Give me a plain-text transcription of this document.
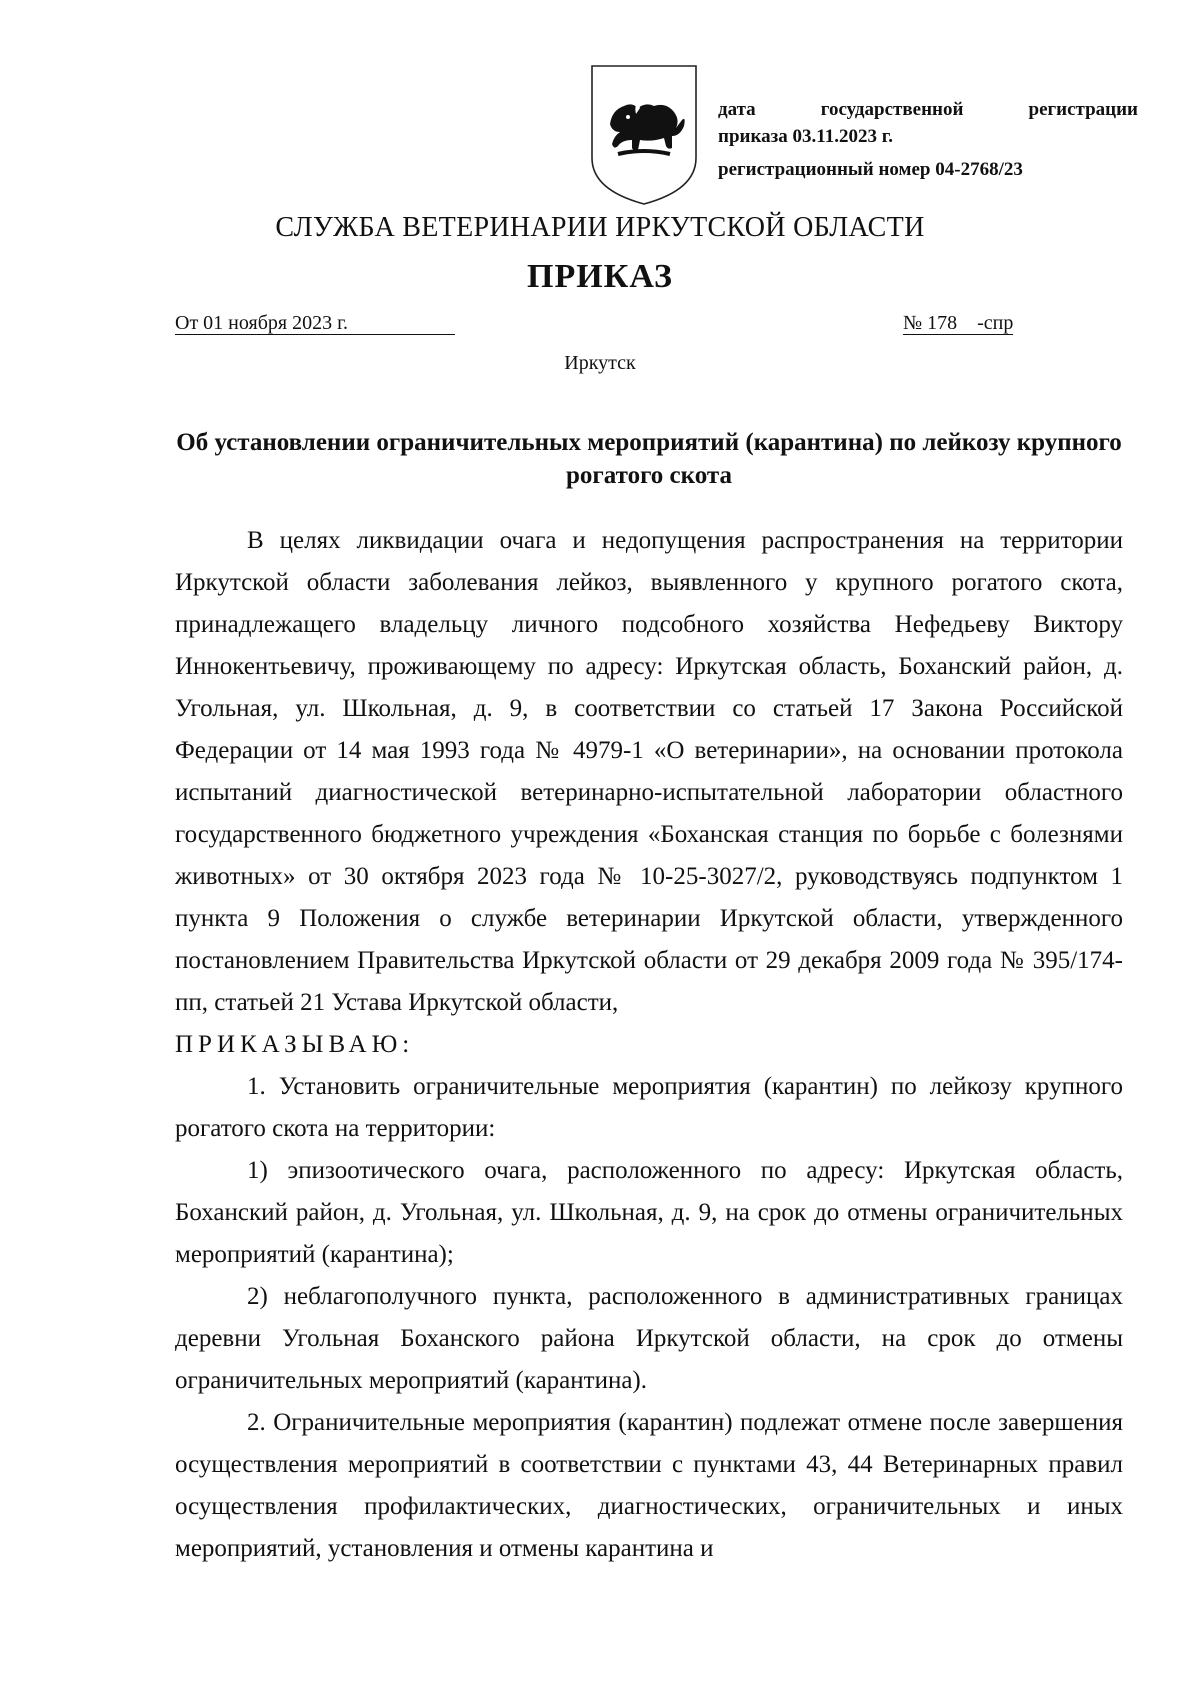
дата государственной регистрации
приказа 03.11.2023 г.
регистрационный номер 04-2768/23
СЛУЖБА ВЕТЕРИНАРИИ ИРКУТСКОЙ ОБЛАСТИ
ПРИКАЗ
От 01 ноября 2023 г.	№ 178    -спр
Иркутск
Об установлении ограничительных мероприятий (карантина) по лейкозу крупного рогатого скота

В целях ликвидации очага и недопущения распространения на территории Иркутской области заболевания лейкоз, выявленного у крупного рогатого скота, принадлежащего владельцу личного подсобного хозяйства Нефедьеву Виктору Иннокентьевичу, проживающему по адресу: Иркутская область, Боханский район, д. Угольная, ул. Школьная, д. 9, в соответствии со статьей 17 Закона Российской Федерации от 14 мая 1993 года № 4979-1 «О ветеринарии», на основании протокола испытаний диагностической ветеринарно-испытательной лаборатории областного государственного бюджетного учреждения «Боханская станция по борьбе с болезнями животных» от 30 октября 2023 года № 10-25-3027/2, руководствуясь подпунктом 1 пункта 9 Положения о службе ветеринарии Иркутской области, утвержденного постановлением Правительства Иркутской области от 29 декабря 2009 года № 395/174-пп, статьей 21 Устава Иркутской области,

ПРИКАЗЫВАЮ:

1. Установить ограничительные мероприятия (карантин) по лейкозу крупного рогатого скота на территории:

1) эпизоотического очага, расположенного по адресу: Иркутская область, Боханский район, д. Угольная, ул. Школьная, д. 9, на срок до отмены ограничительных мероприятий (карантина);

2) неблагополучного пункта, расположенного в административных границах деревни Угольная Боханского района Иркутской области, на срок до отмены ограничительных мероприятий (карантина).

2. Ограничительные мероприятия (карантин) подлежат отмене после завершения осуществления мероприятий в соответствии с пунктами 43, 44 Ветеринарных правил осуществления профилактических, диагностических, ограничительных и иных мероприятий, установления и отмены карантина и
